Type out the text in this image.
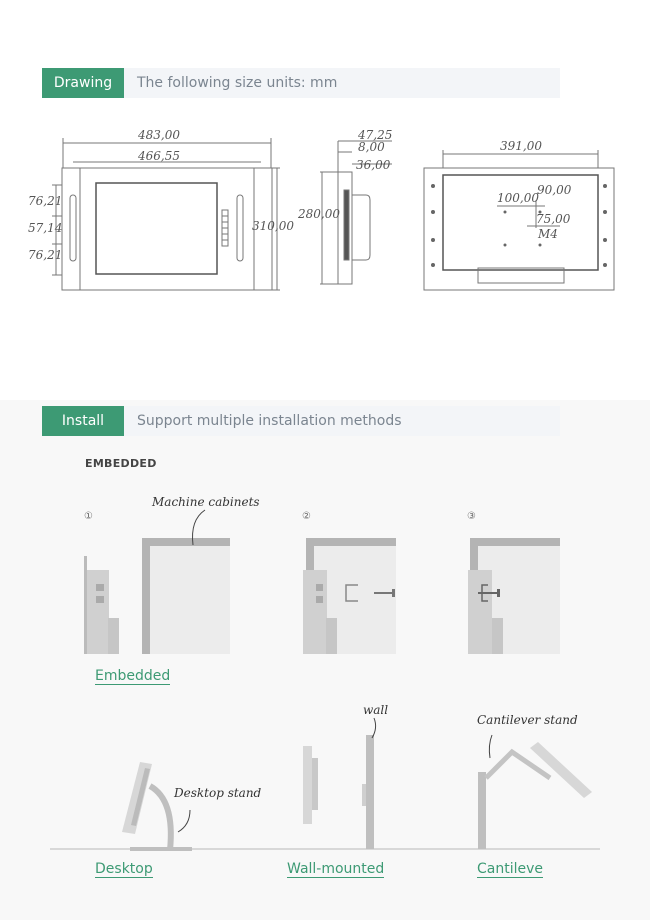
Drawing	The following size units: mm
483,00
466,55
76,21
57,14
76,21
310,00
47,25
8,00
36,00
280,00
391,00
100,00
90,00
75,00
M4
Install	Support multiple installation methods
EMBEDDED
①	②	③
Machine cabinets
Desktop stand
wall
Cantilever stand
Embedded
Desktop	Wall-mounted	Cantileve
